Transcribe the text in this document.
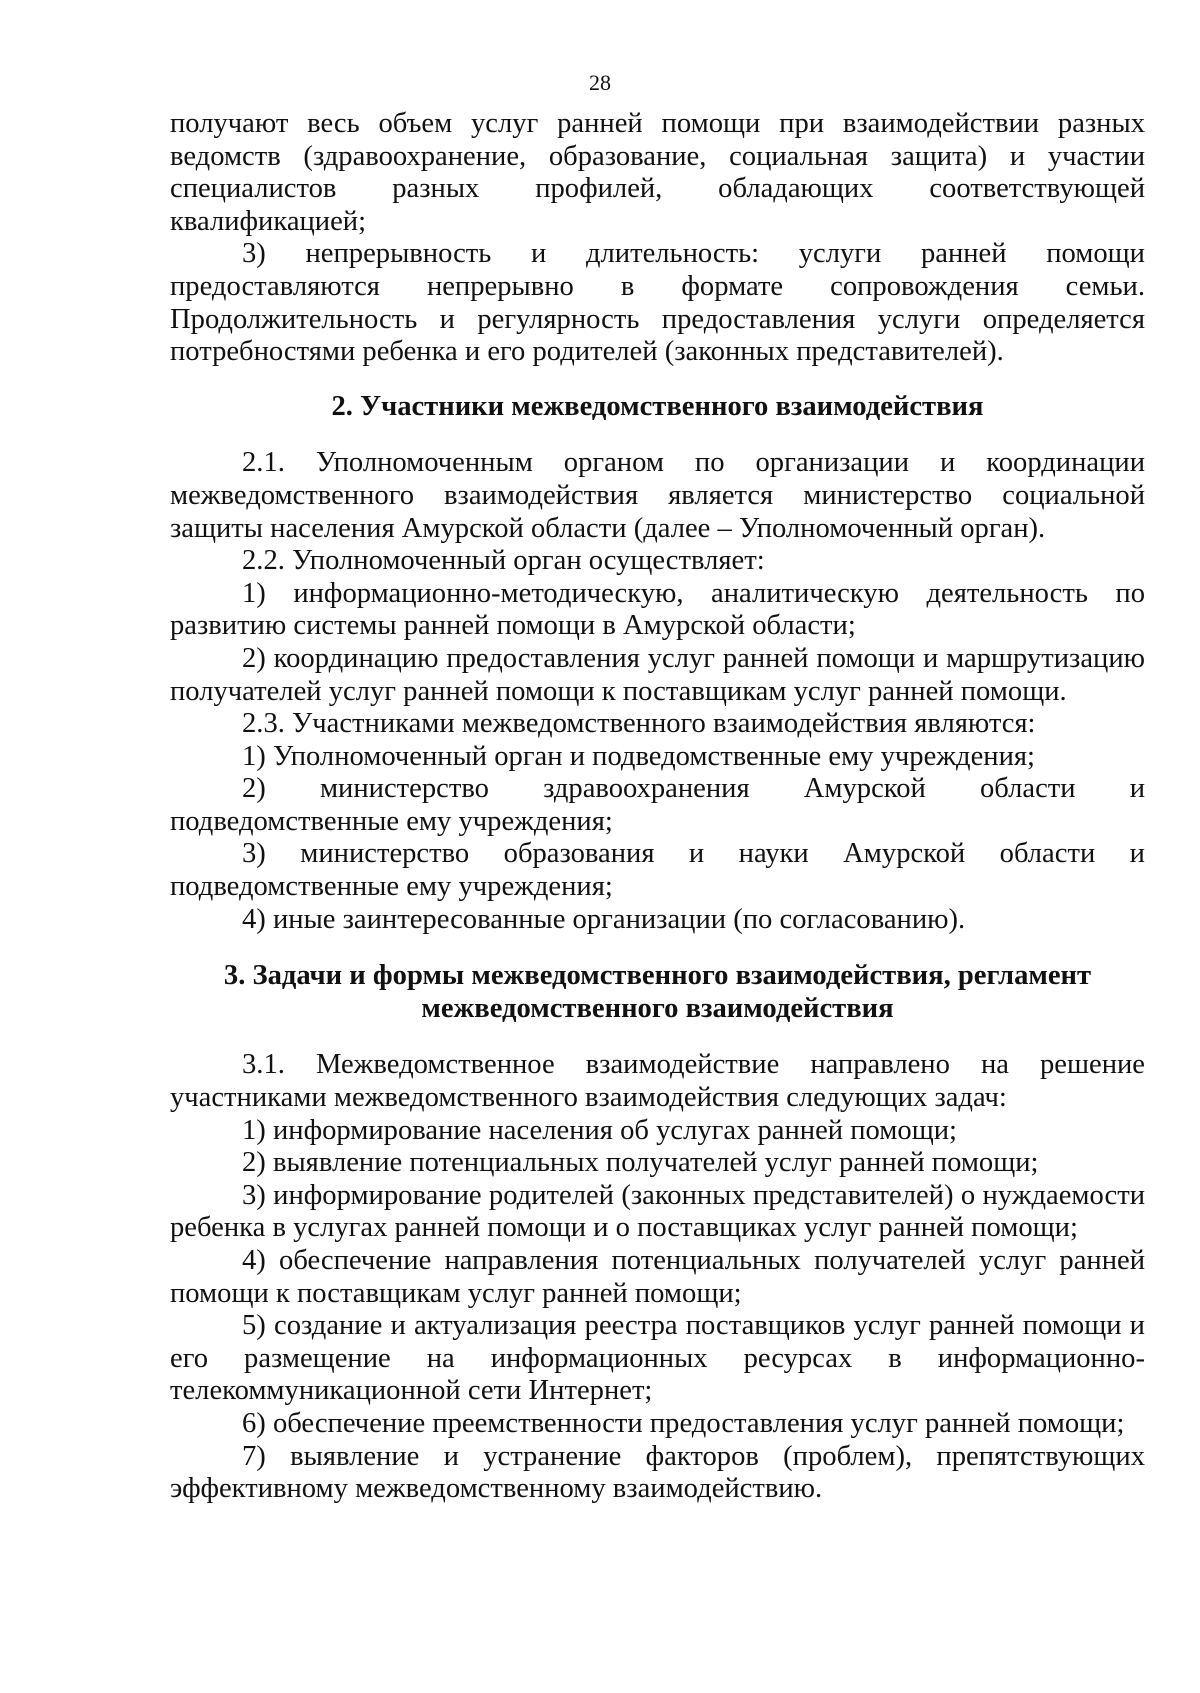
28

получают весь объем услуг ранней помощи при взаимодействии разных ведомств (здравоохранение, образование, социальная защита) и участии специалистов разных профилей, обладающих соответствующей квалификацией;

3) непрерывность и длительность: услуги ранней помощи предоставляются непрерывно в формате сопровождения семьи. Продолжительность и регулярность предоставления услуги определяется потребностями ребенка и его родителей (законных представителей).

2. Участники межведомственного взаимодействия

2.1. Уполномоченным органом по организации и координации межведомственного взаимодействия является министерство социальной защиты населения Амурской области (далее – Уполномоченный орган).

2.2. Уполномоченный орган осуществляет:

1) информационно-методическую, аналитическую деятельность по развитию системы ранней помощи в Амурской области;

2) координацию предоставления услуг ранней помощи и маршрутизацию получателей услуг ранней помощи к поставщикам услуг ранней помощи.

2.3. Участниками межведомственного взаимодействия являются:

1) Уполномоченный орган и подведомственные ему учреждения;

2) министерство здравоохранения Амурской области и подведомственные ему учреждения;

3) министерство образования и науки Амурской области и подведомственные ему учреждения;

4) иные заинтересованные организации (по согласованию).

3. Задачи и формы межведомственного взаимодействия, регламент
межведомственного взаимодействия

3.1. Межведомственное взаимодействие направлено на решение участниками межведомственного взаимодействия следующих задач:

1) информирование населения об услугах ранней помощи;

2) выявление потенциальных получателей услуг ранней помощи;

3) информирование родителей (законных представителей) о нуждаемости ребенка в услугах ранней помощи и о поставщиках услуг ранней помощи;

4) обеспечение направления потенциальных получателей услуг ранней помощи к поставщикам услуг ранней помощи;

5) создание и актуализация реестра поставщиков услуг ранней помощи и его размещение на информационных ресурсах в информационно-телекоммуникационной сети Интернет;

6) обеспечение преемственности предоставления услуг ранней помощи;

7) выявление и устранение факторов (проблем), препятствующих эффективному межведомственному взаимодействию.
